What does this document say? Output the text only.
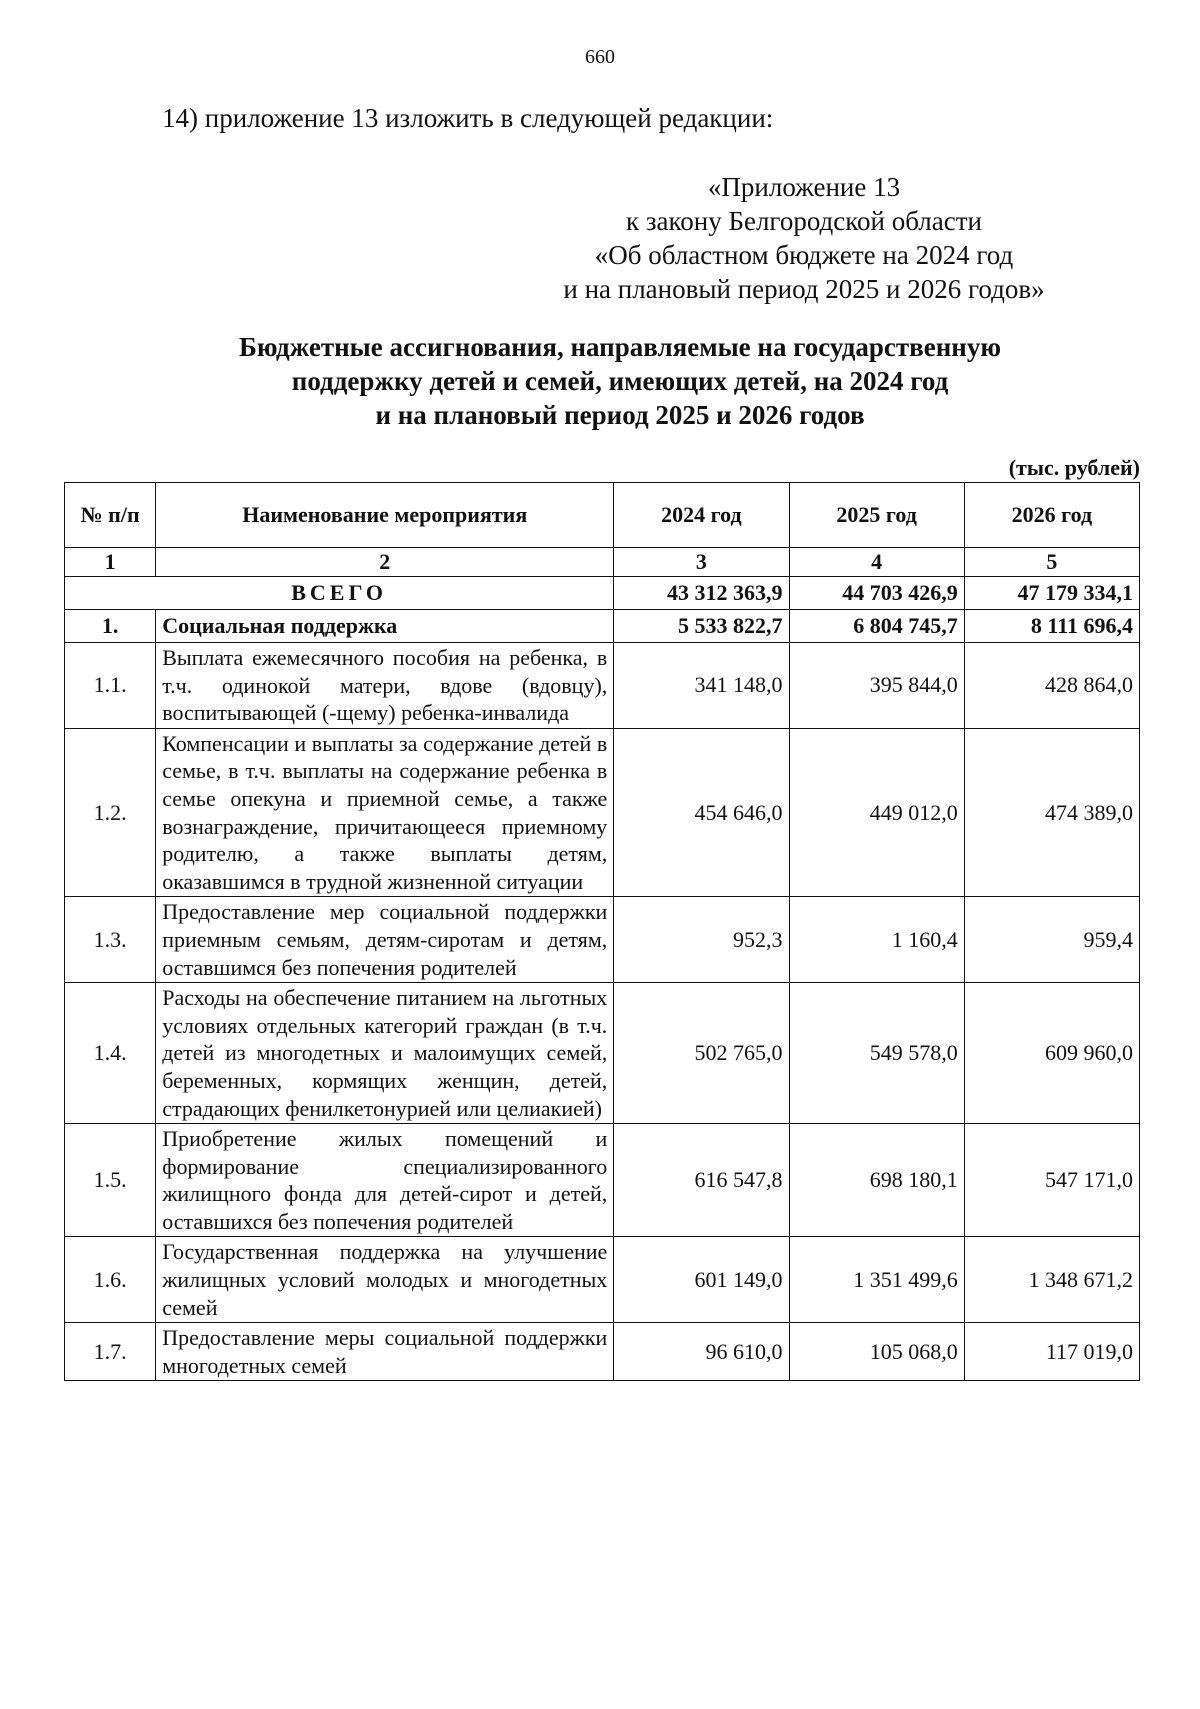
660
14) приложение 13 изложить в следующей редакции:
«Приложение 13
к закону Белгородской области
«Об областном бюджете на 2024 год
и на плановый период 2025 и 2026 годов»
Бюджетные ассигнования, направляемые на государственную
поддержку детей и семей, имеющих детей, на 2024 год
и на плановый период 2025 и 2026 годов
(тыс. рублей)
№ п/п	Наименование мероприятия	2024 год	2025 год	2026 год
1	2	3	4	5
ВСЕГО		43 312 363,9	44 703 426,9	47 179 334,1
1.	Социальная поддержка	5 533 822,7	6 804 745,7	8 111 696,4
1.1.	Выплата ежемесячного пособия на ребенка, в т.ч. одинокой матери, вдове (вдовцу), воспитывающей (-щему) ребенка-инвалида	341 148,0	395 844,0	428 864,0
1.2.	Компенсации и выплаты за содержание детей в семье, в т.ч. выплаты на содержание ребенка в семье опекуна и приемной семье, а также вознаграждение, причитающееся приемному родителю, а также выплаты детям, оказавшимся в трудной жизненной ситуации	454 646,0	449 012,0	474 389,0
1.3.	Предоставление мер социальной поддержки приемным семьям, детям-сиротам и детям, оставшимся без попечения родителей	952,3	1 160,4	959,4
1.4.	Расходы на обеспечение питанием на льготных условиях отдельных категорий граждан (в т.ч. детей из многодетных и малоимущих семей, беременных, кормящих женщин, детей, страдающих фенилкетонурией или целиакией)	502 765,0	549 578,0	609 960,0
1.5.	Приобретение жилых помещений и формирование специализированного жилищного фонда для детей-сирот и детей, оставшихся без попечения родителей	616 547,8	698 180,1	547 171,0
1.6.	Государственная поддержка на улучшение жилищных условий молодых и многодетных семей	601 149,0	1 351 499,6	1 348 671,2
1.7.	Предоставление меры социальной поддержки многодетных семей	96 610,0	105 068,0	117 019,0
